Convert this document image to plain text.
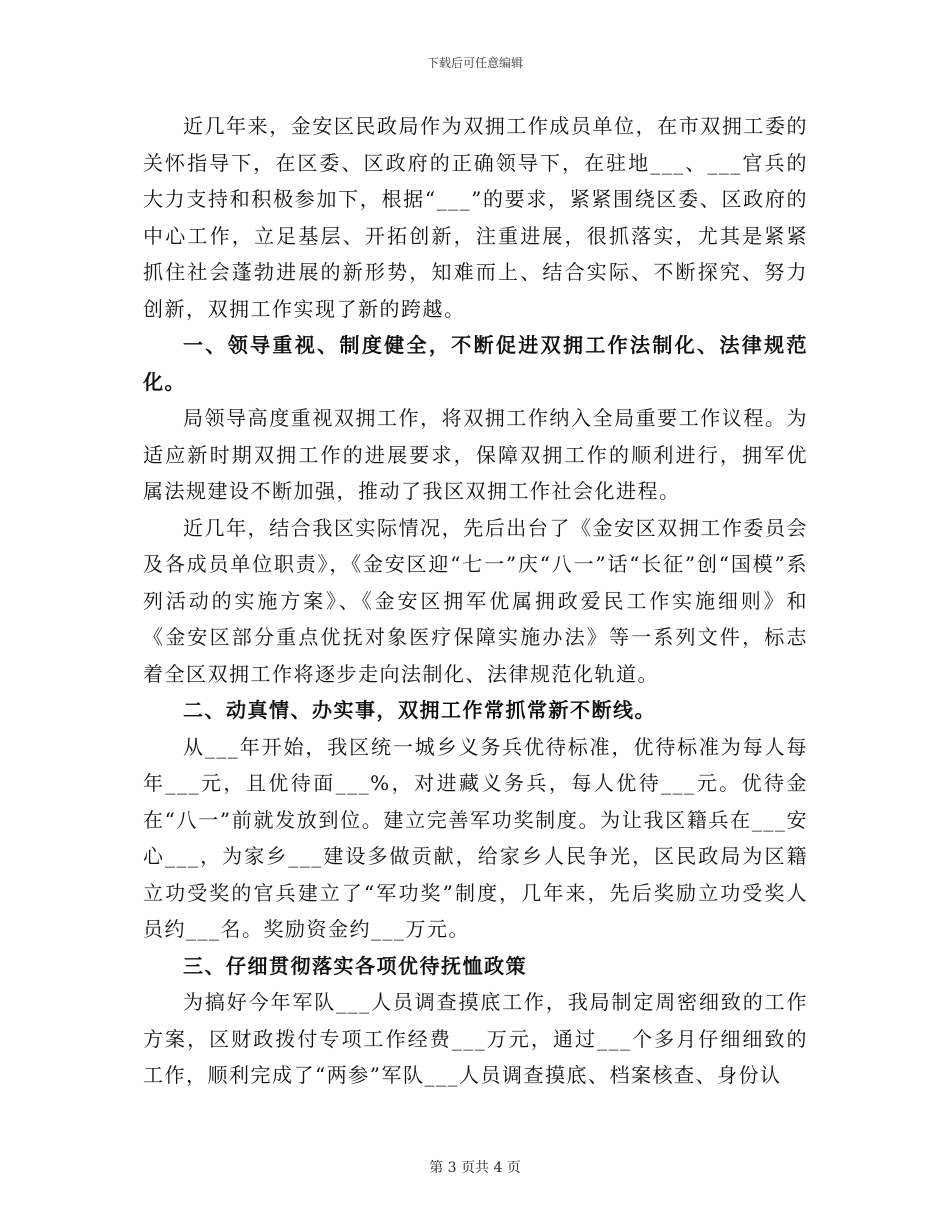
下载后可任意编辑

近几年来，金安区民政局作为双拥工作成员单位，在市双拥工委的关怀指导下，在区委、区政府的正确领导下，在驻地___、___官兵的大力支持和积极参加下，根据“___”的要求，紧紧围绕区委、区政府的中心工作，立足基层、开拓创新，注重进展，很抓落实，尤其是紧紧抓住社会蓬勃进展的新形势，知难而上、结合实际、不断探究、努力创新，双拥工作实现了新的跨越。

一、领导重视、制度健全，不断促进双拥工作法制化、法律规范化。

局领导高度重视双拥工作，将双拥工作纳入全局重要工作议程。为适应新时期双拥工作的进展要求，保障双拥工作的顺利进行，拥军优属法规建设不断加强，推动了我区双拥工作社会化进程。

近几年，结合我区实际情况，先后出台了《金安区双拥工作委员会及各成员单位职责》，《金安区迎“七一”庆“八一”话“长征”创“国模”系列活动的实施方案》、《金安区拥军优属拥政爱民工作实施细则》和《金安区部分重点优抚对象医疗保障实施办法》等一系列文件，标志着全区双拥工作将逐步走向法制化、法律规范化轨道。

二、动真情、办实事，双拥工作常抓常新不断线。

从___年开始，我区统一城乡义务兵优待标准，优待标准为每人每年___元，且优待面___%，对进藏义务兵，每人优待___元。优待金在“八一”前就发放到位。建立完善军功奖制度。为让我区籍兵在___安心___，为家乡___建设多做贡献，给家乡人民争光，区民政局为区籍立功受奖的官兵建立了“军功奖”制度，几年来，先后奖励立功受奖人员约___名。奖励资金约___万元。

三、仔细贯彻落实各项优待抚恤政策

为搞好今年军队___人员调查摸底工作，我局制定周密细致的工作方案，区财政拨付专项工作经费___万元，通过___个多月仔细细致的工作，顺利完成了“两参”军队___人员调查摸底、档案核查、身份认

第 3 页共 4 页
